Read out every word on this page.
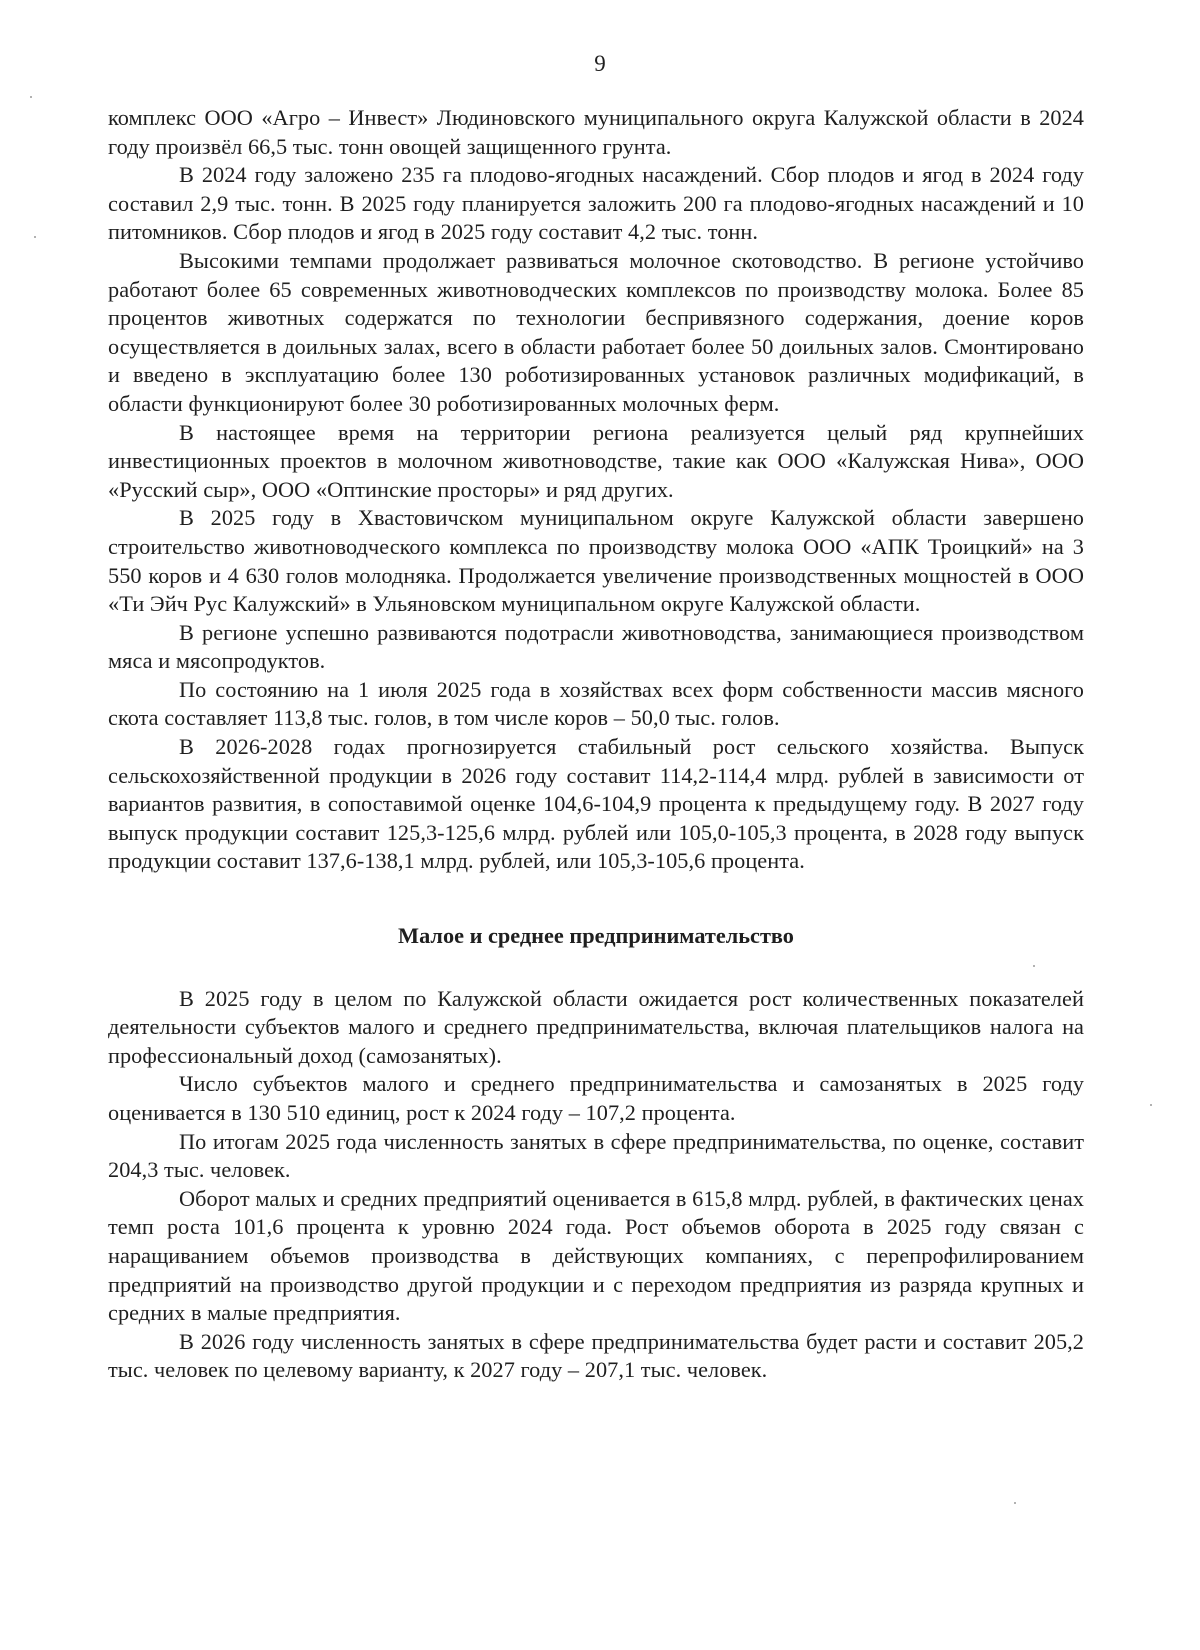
9

комплекс ООО «Агро – Инвест» Людиновского муниципального округа Калужской области в 2024 году произвёл 66,5 тыс. тонн овощей защищенного грунта.

В 2024 году заложено 235 га плодово-ягодных насаждений. Сбор плодов и ягод в 2024 году составил 2,9 тыс. тонн. В 2025 году планируется заложить 200 га плодово-ягодных насаждений и 10 питомников. Сбор плодов и ягод в 2025 году составит 4,2 тыс. тонн.

Высокими темпами продолжает развиваться молочное скотоводство. В регионе устойчиво работают более 65 современных животноводческих комплексов по производству молока. Более 85 процентов животных содержатся по технологии беспривязного содержания, доение коров осуществляется в доильных залах, всего в области работает более 50 доильных залов. Смонтировано и введено в эксплуатацию более 130 роботизированных установок различных модификаций, в области функционируют более 30 роботизированных молочных ферм.

В настоящее время на территории региона реализуется целый ряд крупнейших инвестиционных проектов в молочном животноводстве, такие как ООО «Калужская Нива», ООО «Русский сыр», ООО «Оптинские просторы» и ряд других.

В 2025 году в Хвастовичском муниципальном округе Калужской области завершено строительство животноводческого комплекса по производству молока ООО «АПК Троицкий» на 3 550 коров и 4 630 голов молодняка. Продолжается увеличение производственных мощностей в ООО «Ти Эйч Рус Калужский» в Ульяновском муниципальном округе Калужской области.

В регионе успешно развиваются подотрасли животноводства, занимающиеся производством мяса и мясопродуктов.

По состоянию на 1 июля 2025 года в хозяйствах всех форм собственности массив мясного скота составляет 113,8 тыс. голов, в том числе коров – 50,0 тыс. голов.

В 2026-2028 годах прогнозируется стабильный рост сельского хозяйства. Выпуск сельскохозяйственной продукции в 2026 году составит 114,2-114,4 млрд. рублей в зависимости от вариантов развития, в сопоставимой оценке 104,6-104,9 процента к предыдущему году. В 2027 году выпуск продукции составит 125,3-125,6 млрд. рублей или 105,0-105,3 процента, в 2028 году выпуск продукции составит 137,6-138,1 млрд. рублей, или 105,3-105,6 процента.

Малое и среднее предпринимательство

В 2025 году в целом по Калужской области ожидается рост количественных показателей деятельности субъектов малого и среднего предпринимательства, включая плательщиков налога на профессиональный доход (самозанятых).

Число субъектов малого и среднего предпринимательства и самозанятых в 2025 году оценивается в 130 510 единиц, рост к 2024 году – 107,2 процента.

По итогам 2025 года численность занятых в сфере предпринимательства, по оценке, составит 204,3 тыс. человек.

Оборот малых и средних предприятий оценивается в 615,8 млрд. рублей, в фактических ценах темп роста 101,6 процента к уровню 2024 года. Рост объемов оборота в 2025 году связан с наращиванием объемов производства в действующих компаниях, с перепрофилированием предприятий на производство другой продукции и с переходом предприятия из разряда крупных и средних в малые предприятия.

В 2026 году численность занятых в сфере предпринимательства будет расти и составит 205,2 тыс. человек по целевому варианту, к 2027 году – 207,1 тыс. человек.
